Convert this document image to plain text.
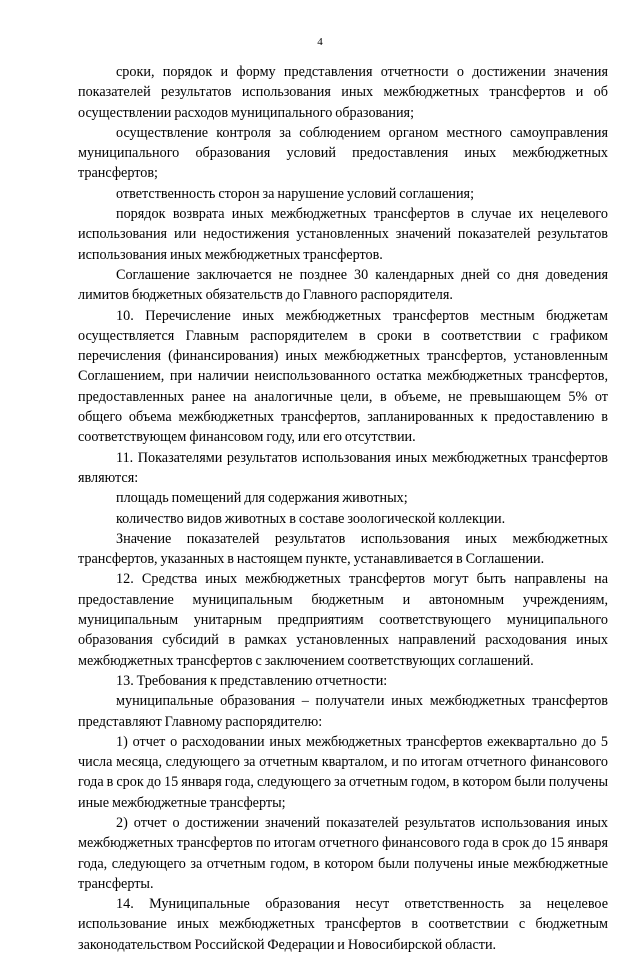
4

сроки, порядок и форму представления отчетности о достижении значения показателей результатов использования иных межбюджетных трансфертов и об осуществлении расходов муниципального образования;

осуществление контроля за соблюдением органом местного самоуправления муниципального образования условий предоставления иных межбюджетных трансфертов;

ответственность сторон за нарушение условий соглашения;

порядок возврата иных межбюджетных трансфертов в случае их нецелевого использования или недостижения установленных значений показателей результатов использования иных межбюджетных трансфертов.

Соглашение заключается не позднее 30 календарных дней со дня доведения лимитов бюджетных обязательств до Главного распорядителя.

10. Перечисление иных межбюджетных трансфертов местным бюджетам осуществляется Главным распорядителем в сроки в соответствии с графиком перечисления (финансирования) иных межбюджетных трансфертов, установленным Соглашением, при наличии неиспользованного остатка межбюджетных трансфертов, предоставленных ранее на аналогичные цели, в объеме, не превышающем 5% от общего объема межбюджетных трансфертов, запланированных к предоставлению в соответствующем финансовом году, или его отсутствии.

11. Показателями результатов использования иных межбюджетных трансфертов являются:

площадь помещений для содержания животных;

количество видов животных в составе зоологической коллекции.

Значение показателей результатов использования иных межбюджетных трансфертов, указанных в настоящем пункте, устанавливается в Соглашении.

12. Средства иных межбюджетных трансфертов могут быть направлены на предоставление муниципальным бюджетным и автономным учреждениям, муниципальным унитарным предприятиям соответствующего муниципального образования субсидий в рамках установленных направлений расходования иных межбюджетных трансфертов с заключением соответствующих соглашений.

13. Требования к представлению отчетности:

муниципальные образования – получатели иных межбюджетных трансфертов представляют Главному распорядителю:

1) отчет о расходовании иных межбюджетных трансфертов ежеквартально до 5 числа месяца, следующего за отчетным кварталом, и по итогам отчетного финансового года в срок до 15 января года, следующего за отчетным годом, в котором были получены иные межбюджетные трансферты;

2) отчет о достижении значений показателей результатов использования иных межбюджетных трансфертов по итогам отчетного финансового года в срок до 15 января года, следующего за отчетным годом, в котором были получены иные межбюджетные трансферты.

14. Муниципальные образования несут ответственность за нецелевое использование иных межбюджетных трансфертов в соответствии с бюджетным законодательством Российской Федерации и Новосибирской области.
